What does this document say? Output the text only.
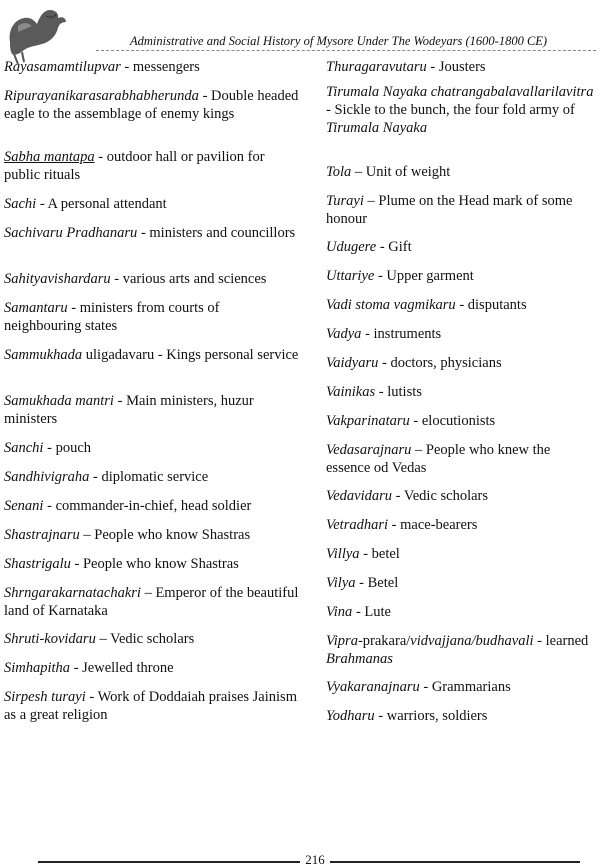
Administrative and Social History of Mysore Under The Wodeyars (1600-1800 CE)
Rayasamamtilupvar - messengers
Ripurayanikarasarabhabherunda - Double headed eagle to the assemblage of enemy kings
Sabha mantapa - outdoor hall or pavilion for public rituals
Sachi - A personal attendant
Sachivaru Pradhanaru - ministers and councillors
Sahityavishardaru - various arts and sciences
Samantaru - ministers from courts of neighbouring states
Sammukhada uligadavaru - Kings personal service
Samukhada mantri - Main ministers, huzur ministers
Sanchi - pouch
Sandhivigraha - diplomatic service
Senani - commander-in-chief, head soldier
Shastrajnaru – People who know Shastras
Shastrigalu - People who know Shastras
Shrngarakarnatachakri – Emperor of the beautiful land of Karnataka
Shruti-kovidaru – Vedic scholars
Simhapitha - Jewelled throne
Sirpesh turayi - Work of Doddaiah praises Jainism as a great religion
Thuragaravutaru - Jousters
Tirumala Nayaka chatrangabalavallarilavitra - Sickle to the bunch, the four fold army of Tirumala Nayaka
Tola – Unit of weight
Turayi – Plume on the Head mark of some honour
Udugere - Gift
Uttariye - Upper garment
Vadi stoma vagmikaru - disputants
Vadya - instruments
Vaidyaru - doctors, physicians
Vainikas - lutists
Vakparinataru - elocutionists
Vedasarajnaru – People who knew the essence od Vedas
Vedavidaru - Vedic scholars
Vetradhari - mace-bearers
Villya - betel
Vilya - Betel
Vina - Lute
Vipra-prakara/vidvajjana/budhavali - learned Brahmanas
Vyakaranajnaru - Grammarians
Yodharu - warriors, soldiers
216
